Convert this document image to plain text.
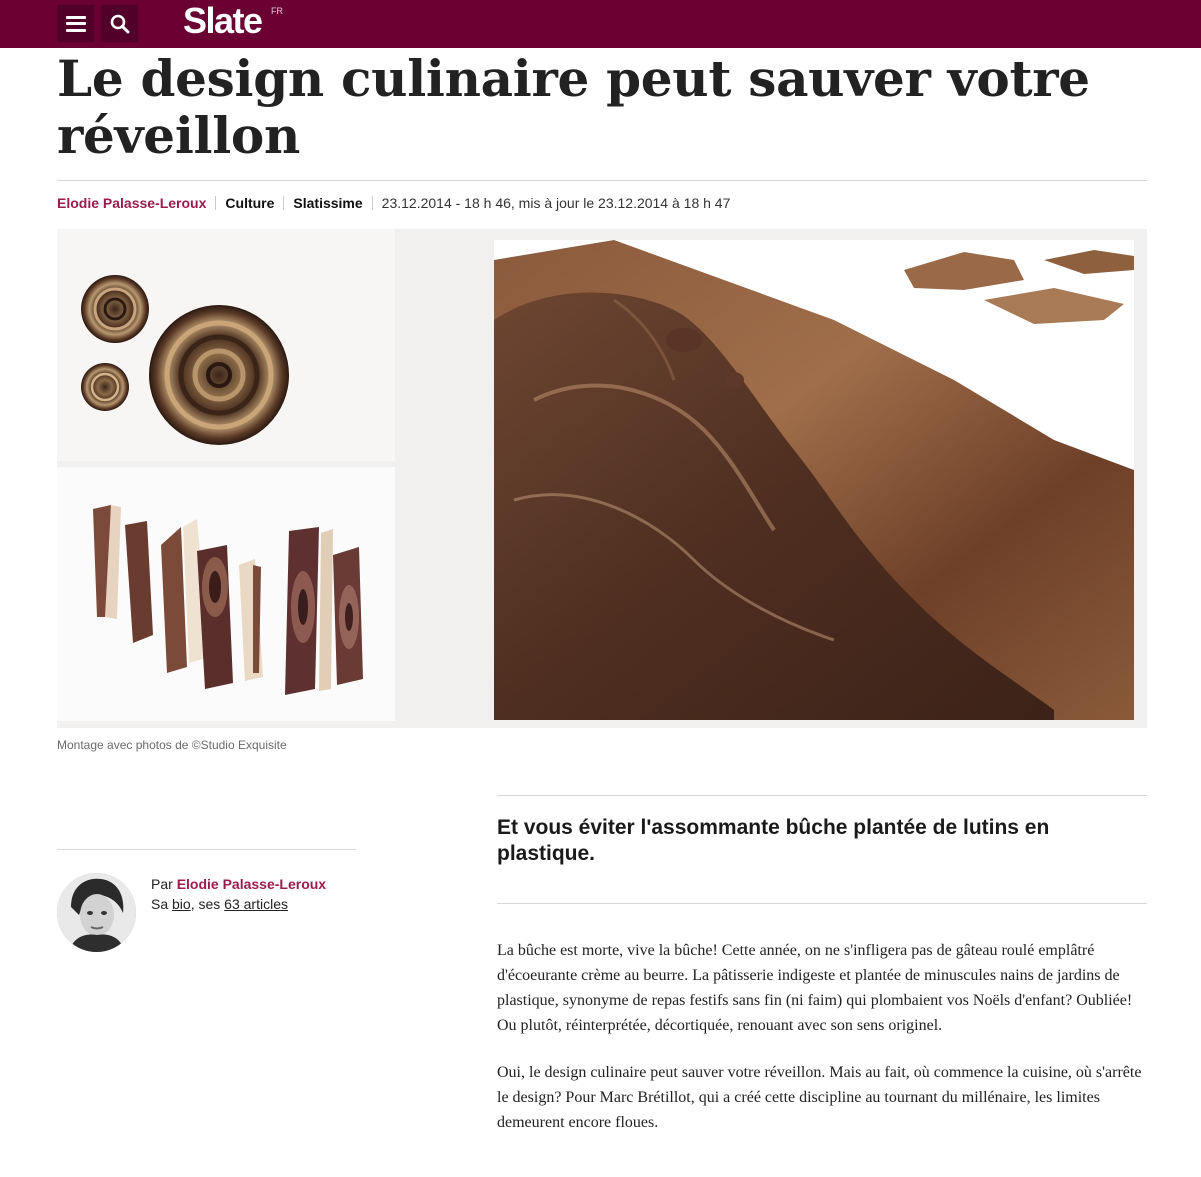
Slate FR
Le design culinaire peut sauver votre réveillon
Elodie Palasse-Leroux Culture Slatissime 23.12.2014 - 18 h 46, mis à jour le 23.12.2014 à 18 h 47
Montage avec photos de ©Studio Exquisite
Par Elodie Palasse-Leroux
Sa bio, ses 63 articles
Et vous éviter l'assommante bûche plantée de lutins en plastique.

La bûche est morte, vive la bûche! Cette année, on ne s'infligera pas de gâteau roulé emplâtré d'écoeurante crème au beurre. La pâtisserie indigeste et plantée de minuscules nains de jardins de plastique, synonyme de repas festifs sans fin (ni faim) qui plombaient vos Noëls d'enfant? Oubliée! Ou plutôt, réinterprétée, décortiquée, renouant avec son sens originel.

Oui, le design culinaire peut sauver votre réveillon. Mais au fait, où commence la cuisine, où s'arrête le design? Pour Marc Brétillot, qui a créé cette discipline au tournant du millénaire, les limites demeurent encore floues.
